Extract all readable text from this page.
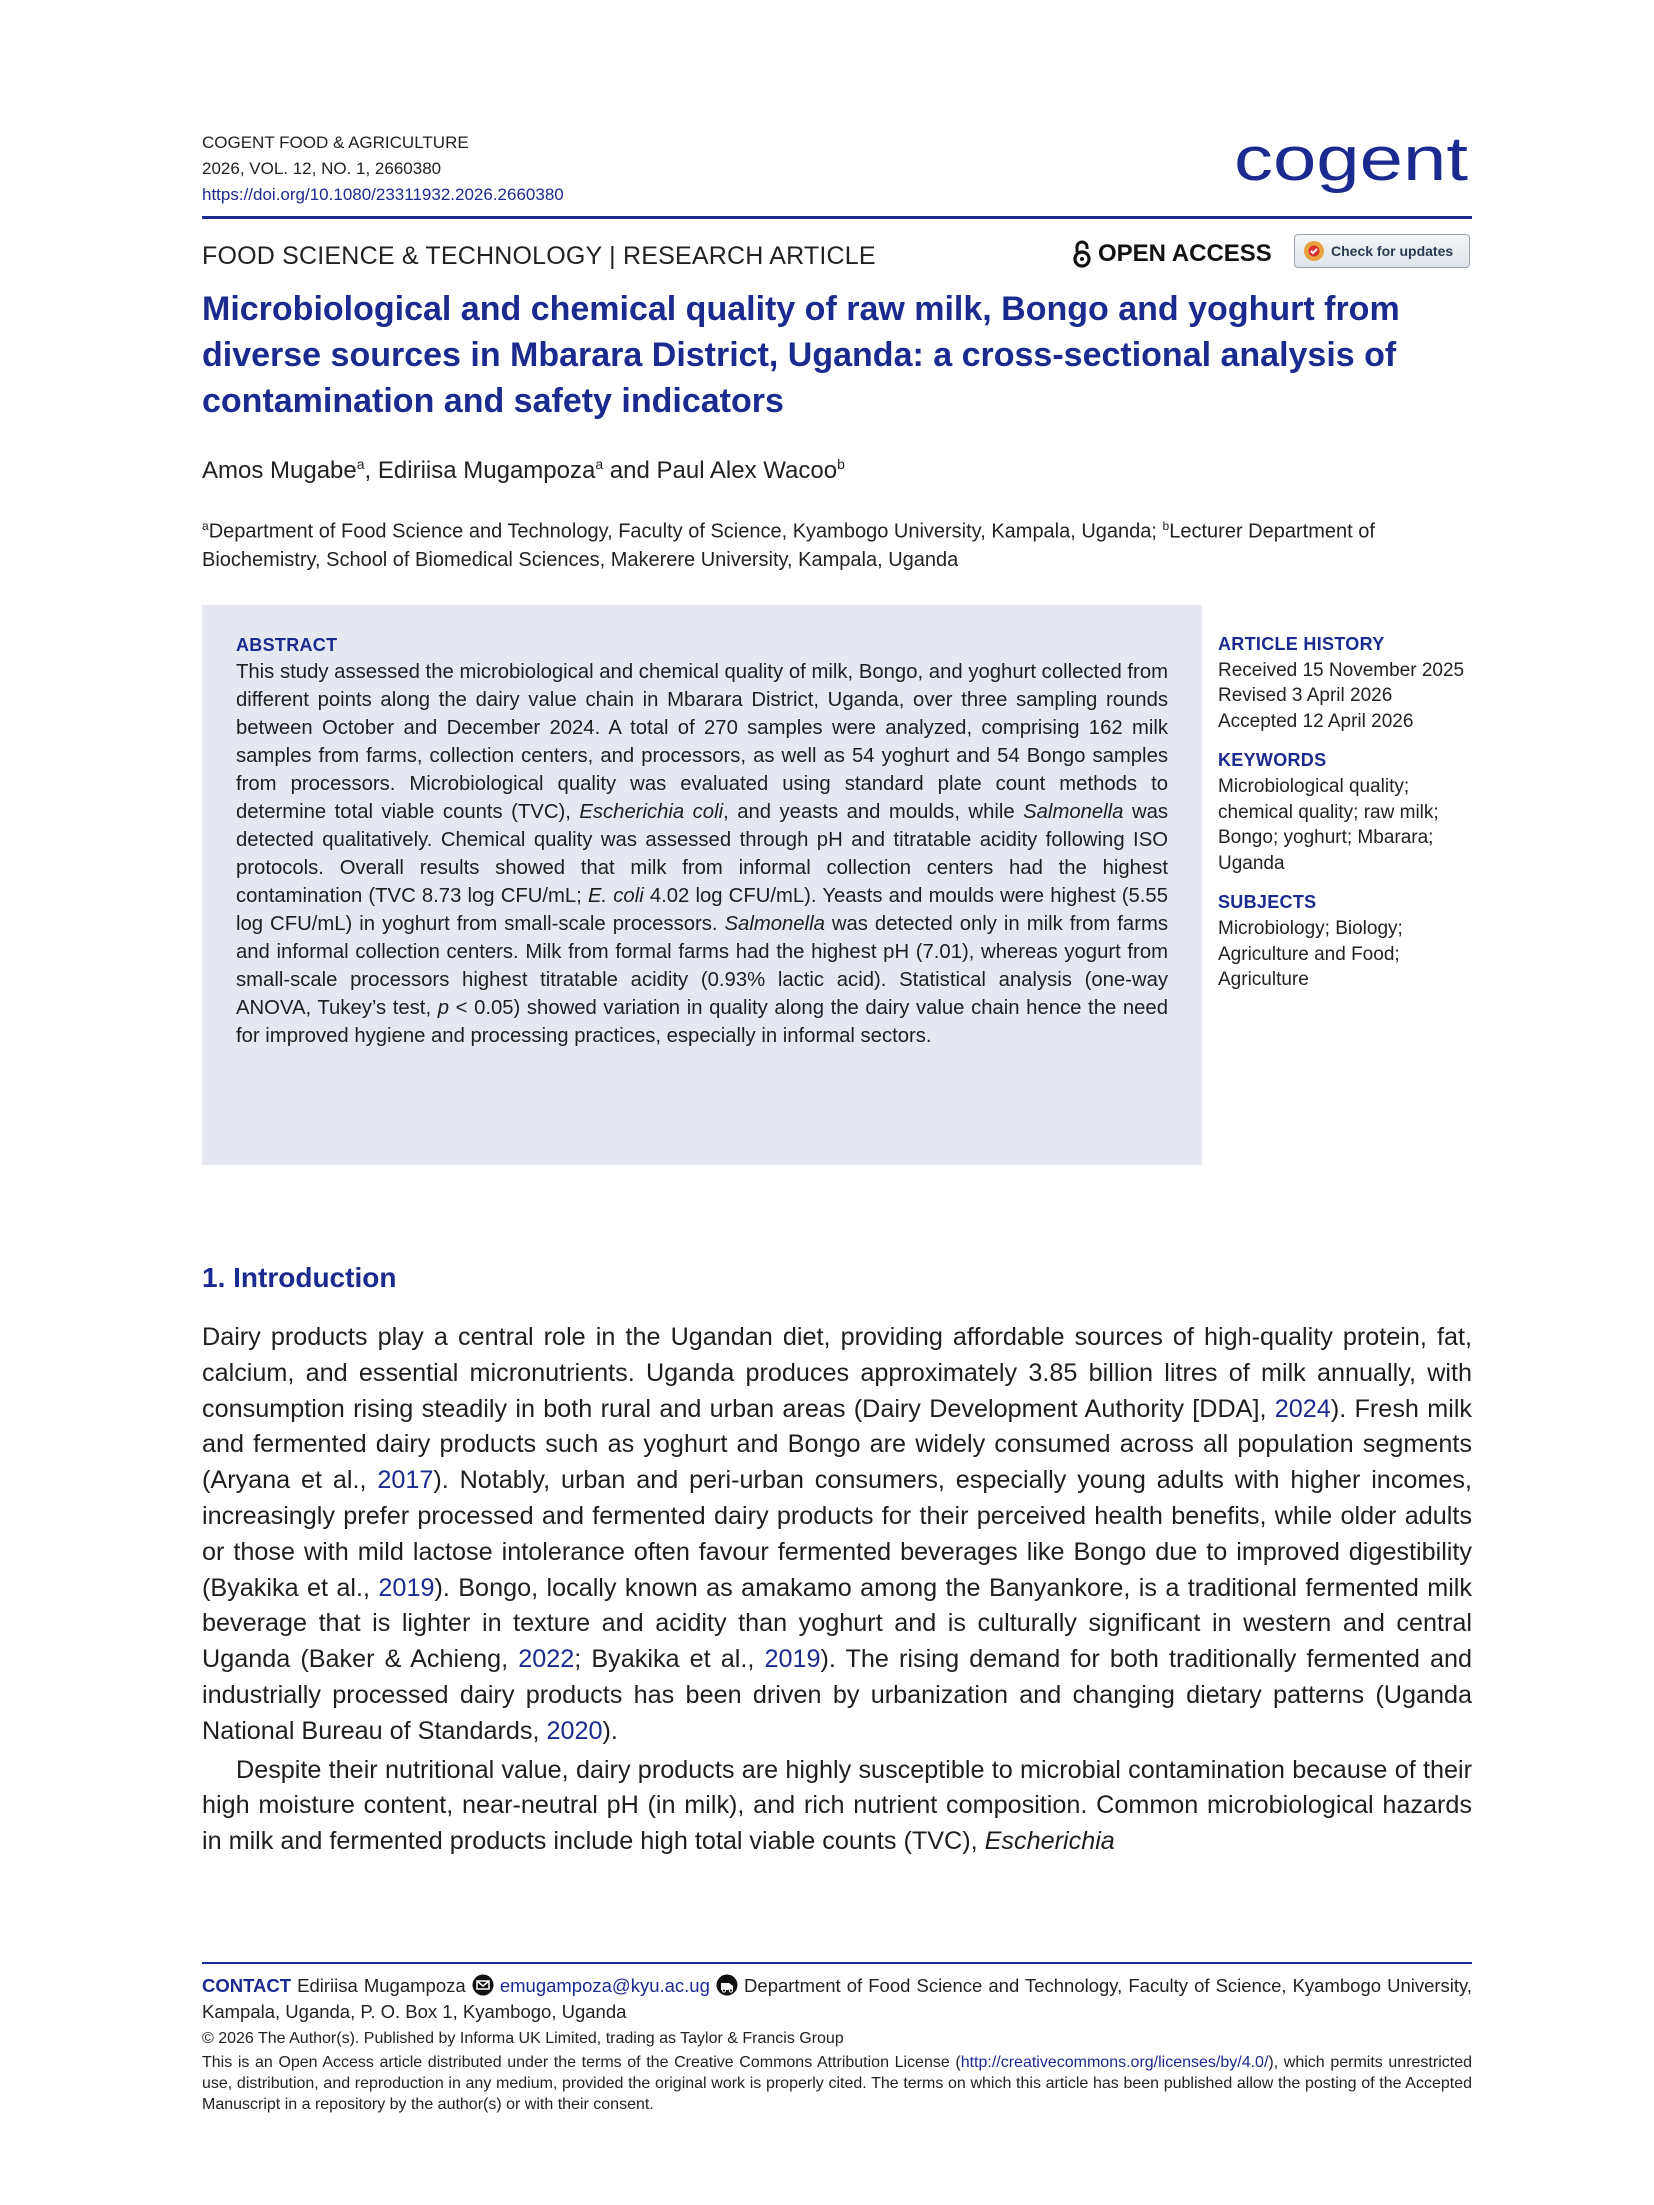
COGENT FOOD & AGRICULTURE
2026, VOL. 12, NO. 1, 2660380
https://doi.org/10.1080/23311932.2026.2660380
cogent
FOOD SCIENCE & TECHNOLOGY | RESEARCH ARTICLE	OPEN ACCESS	Check for updates
Microbiological and chemical quality of raw milk, Bongo and yoghurt from diverse sources in Mbarara District, Uganda: a cross-sectional analysis of contamination and safety indicators
Amos Mugabe$^a$, Ediriisa Mugampoza$^a$ and Paul Alex Wacoo$^b$
$^a$Department of Food Science and Technology, Faculty of Science, Kyambogo University, Kampala, Uganda; $^b$Lecturer Department of Biochemistry, School of Biomedical Sciences, Makerere University, Kampala, Uganda
ABSTRACT
This study assessed the microbiological and chemical quality of milk, Bongo, and yoghurt collected from different points along the dairy value chain in Mbarara District, Uganda, over three sampling rounds between October and December 2024. A total of 270 samples were analyzed, comprising 162 milk samples from farms, collection centers, and processors, as well as 54 yoghurt and 54 Bongo samples from processors. Microbiological quality was evaluated using standard plate count methods to determine total viable counts (TVC), Escherichia coli, and yeasts and moulds, while Salmonella was detected qualitatively. Chemical quality was assessed through pH and titratable acidity following ISO protocols. Overall results showed that milk from informal collection centers had the highest contamination (TVC 8.73 log CFU/mL; E. coli 4.02 log CFU/mL). Yeasts and moulds were highest (5.55 log CFU/mL) in yoghurt from small-scale processors. Salmonella was detected only in milk from farms and informal collection centers. Milk from formal farms had the highest pH (7.01), whereas yogurt from small-scale processors highest titratable acidity (0.93% lactic acid). Statistical analysis (one-way ANOVA, Tukey’s test, p < 0.05) showed variation in quality along the dairy value chain hence the need for improved hygiene and processing practices, especially in informal sectors.
ARTICLE HISTORY
Received 15 November 2025
Revised 3 April 2026
Accepted 12 April 2026
KEYWORDS
Microbiological quality; chemical quality; raw milk; Bongo; yoghurt; Mbarara; Uganda
SUBJECTS
Microbiology; Biology; Agriculture and Food; Agriculture
1. Introduction

Dairy products play a central role in the Ugandan diet, providing affordable sources of high-quality protein, fat, calcium, and essential micronutrients. Uganda produces approximately 3.85 billion litres of milk annually, with consumption rising steadily in both rural and urban areas (Dairy Development Authority [DDA], 2024). Fresh milk and fermented dairy products such as yoghurt and Bongo are widely consumed across all population segments (Aryana et al., 2017). Notably, urban and peri-urban consumers, especially young adults with higher incomes, increasingly prefer processed and fermented dairy products for their perceived health benefits, while older adults or those with mild lactose intolerance often favour fermented beverages like Bongo due to improved digestibility (Byakika et al., 2019). Bongo, locally known as amakamo among the Banyankore, is a traditional fermented milk beverage that is lighter in texture and acidity than yoghurt and is culturally significant in western and central Uganda (Baker & Achieng, 2022; Byakika et al., 2019). The rising demand for both traditionally fermented and industrially processed dairy products has been driven by urbanization and changing dietary patterns (Uganda National Bureau of Standards, 2020).

Despite their nutritional value, dairy products are highly susceptible to microbial contamination because of their high moisture content, near-neutral pH (in milk), and rich nutrient composition. Common microbiological hazards in milk and fermented products include high total viable counts (TVC), Escherichia

CONTACT Ediriisa Mugampoza emugampoza@kyu.ac.ug Department of Food Science and Technology, Faculty of Science, Kyambogo University, Kampala, Uganda, P. O. Box 1, Kyambogo, Uganda
© 2026 The Author(s). Published by Informa UK Limited, trading as Taylor & Francis Group
This is an Open Access article distributed under the terms of the Creative Commons Attribution License (http://creativecommons.org/licenses/by/4.0/), which permits unrestricted use, distribution, and reproduction in any medium, provided the original work is properly cited. The terms on which this article has been published allow the posting of the Accepted Manuscript in a repository by the author(s) or with their consent.
